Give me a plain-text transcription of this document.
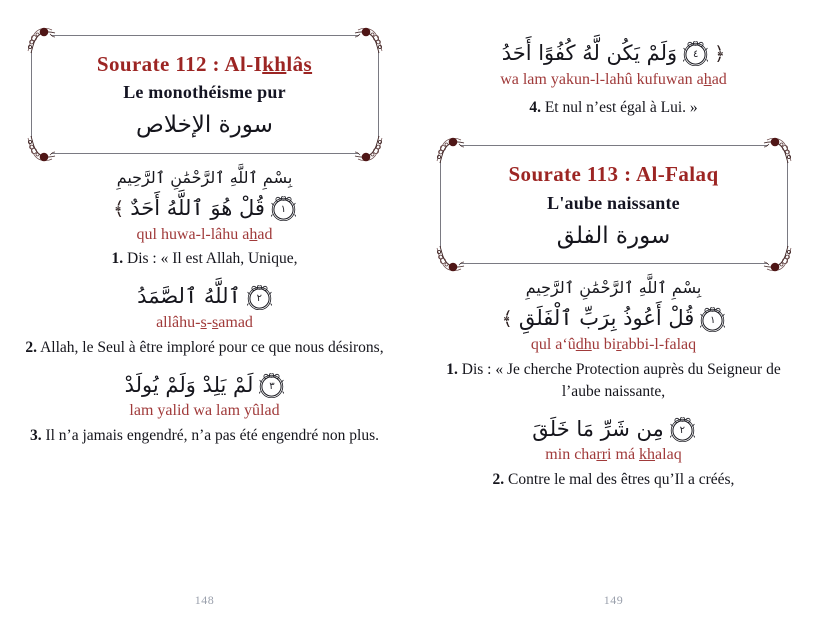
Sourate 112 : Al-Ikhlâs
Le monothéisme pur
سورة الإخلاص
بِسْمِ ٱللَّهِ ٱلرَّحْمَٰنِ ٱلرَّحِيمِ
١
قُلْ هُوَ ٱللَّهُ أَحَدٌ
﴾
qul huwa-l-lâhu ahad
1. Dis : « Il est Allah, Unique,
٢
ٱللَّهُ ٱلصَّمَدُ
allâhu-s-samad
2. Allah, le Seul à être imploré pour ce que nous désirons,
٣
لَمْ يَلِدْ وَلَمْ يُولَدْ
lam yalid wa lam yûlad
3. Il n’a jamais engendré, n’a pas été engendré non plus.
148
﴿
٤
وَلَمْ يَكُن لَّهُ كُفُوًا أَحَدُ
wa lam yakun-l-lahû kufuwan ahad
4. Et nul n’est égal à Lui. »
Sourate 113 : Al-Falaq
L'aube naissante
سورة الفلق
بِسْمِ ٱللَّهِ ٱلرَّحْمَٰنِ ٱلرَّحِيمِ
١
قُلْ أَعُوذُ بِرَبِّ ٱلْفَلَقِ
﴾
qul a‘ûdhu birabbi-l-falaq
1. Dis : « Je cherche Protection auprès du Seigneur de l’aube naissante,
٢
مِن شَرِّ مَا خَلَقَ
min charri má khalaq
2. Contre le mal des êtres qu’Il a créés,
149
